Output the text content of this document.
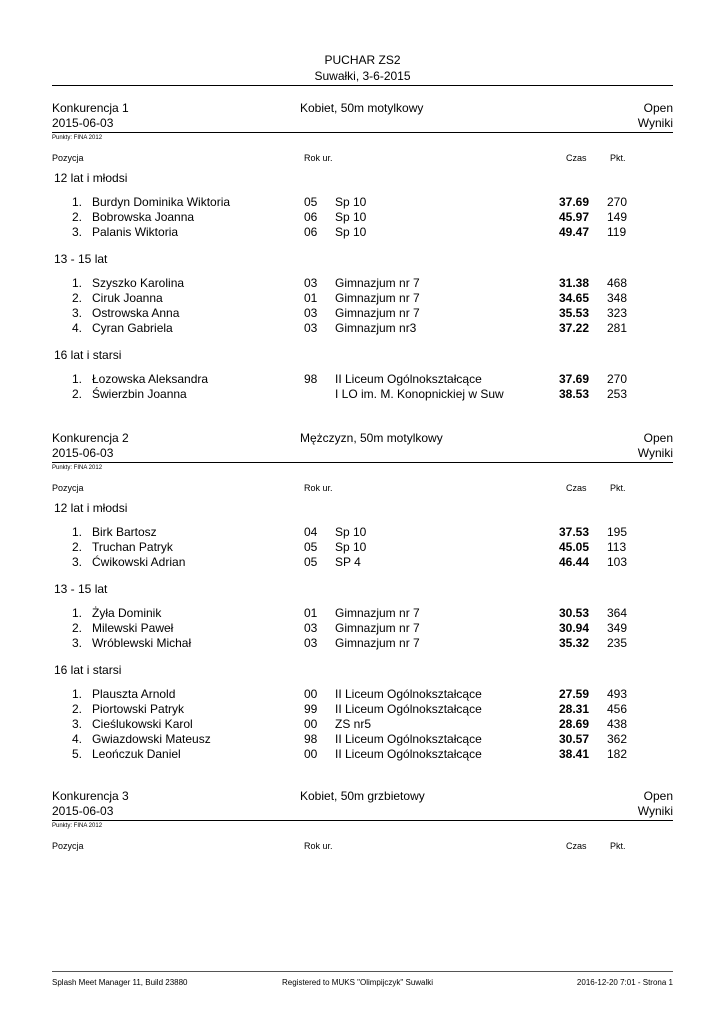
PUCHAR ZS2
Suwałki, 3-6-2015
Konkurencja 1	Kobiet, 50m motylkowy	Open
2015-06-03	Wyniki
Punkty: FINA 2012
Pozycja	Rok ur.	Czas	Pkt.
12 lat i młodsi
1. Burdyn Dominika Wiktoria	05 Sp 10	37.69 270
2. Bobrowska Joanna	06 Sp 10	45.97 149
3. Palanis Wiktoria	06 Sp 10	49.47 119
13 - 15 lat
1. Szyszko Karolina	03 Gimnazjum nr 7	31.38 468
2. Ciruk Joanna	01 Gimnazjum nr 7	34.65 348
3. Ostrowska Anna	03 Gimnazjum nr 7	35.53 323
4. Cyran Gabriela	03 Gimnazjum nr3	37.22 281
16 lat i starsi
1. Łozowska Aleksandra	98 II Liceum Ogólnokształcące	37.69 270
2. Świerzbin Joanna	I LO im. M. Konopnickiej w Suw	38.53 253
Konkurencja 2	Mężczyzn, 50m motylkowy	Open
2015-06-03	Wyniki
Punkty: FINA 2012
Pozycja	Rok ur.	Czas	Pkt.
12 lat i młodsi
1. Birk Bartosz	04 Sp 10	37.53 195
2. Truchan Patryk	05 Sp 10	45.05 113
3. Ćwikowski Adrian	05 SP 4	46.44 103
13 - 15 lat
1. Żyła Dominik	01 Gimnazjum nr 7	30.53 364
2. Milewski Paweł	03 Gimnazjum nr 7	30.94 349
3. Wróblewski Michał	03 Gimnazjum nr 7	35.32 235
16 lat i starsi
1. Plauszta Arnold	00 II Liceum Ogólnokształcące	27.59 493
2. Piortowski Patryk	99 II Liceum Ogólnokształcące	28.31 456
3. Cieślukowski Karol	00 ZS nr5	28.69 438
4. Gwiazdowski Mateusz	98 II Liceum Ogólnokształcące	30.57 362
5. Leończuk Daniel	00 II Liceum Ogólnokształcące	38.41 182
Konkurencja 3	Kobiet, 50m grzbietowy	Open
2015-06-03	Wyniki
Punkty: FINA 2012
Pozycja	Rok ur.	Czas	Pkt.
Splash Meet Manager 11, Build 23880	Registered to MUKS "Olimpijczyk" Suwalki	2016-12-20 7:01 - Strona 1
